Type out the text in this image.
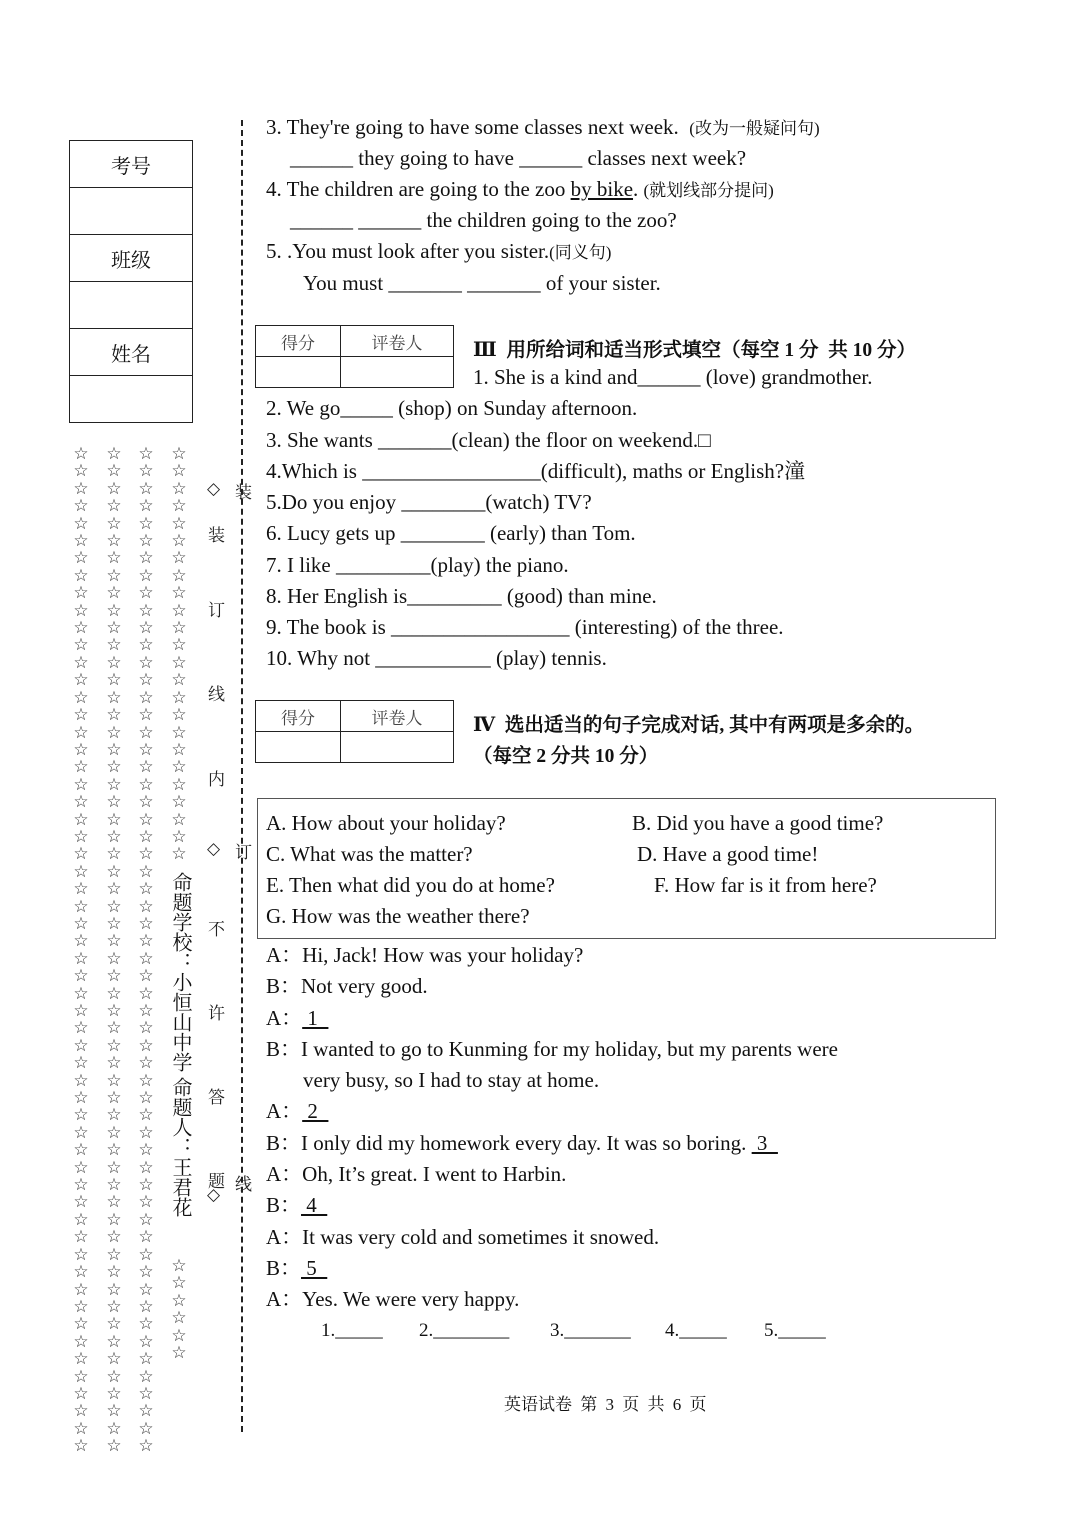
考号

班级

姓名

☆☆☆☆☆☆☆☆☆☆☆☆☆☆☆☆☆☆☆☆☆☆☆☆☆☆☆☆☆☆☆☆☆☆☆☆☆☆☆☆☆☆☆☆☆☆☆☆☆☆☆☆☆☆☆☆☆☆
☆☆☆☆☆☆☆☆☆☆☆☆☆☆☆☆☆☆☆☆☆☆☆☆☆☆☆☆☆☆☆☆☆☆☆☆☆☆☆☆☆☆☆☆☆☆☆☆☆☆☆☆☆☆☆☆☆☆
☆☆☆☆☆☆☆☆☆☆☆☆☆☆☆☆☆☆☆☆☆☆☆☆☆☆☆☆☆☆☆☆☆☆☆☆☆☆☆☆☆☆☆☆☆☆☆☆☆☆☆☆☆☆☆☆☆☆
☆☆☆☆☆☆☆☆☆☆☆☆☆☆☆☆☆☆☆☆☆☆☆☆
☆☆☆☆☆☆
命题学校：小恒山中学 命题人：王君花
◇
装
订
线
内
◇
不
许
答
题
◇
装
订
线
3. They're going to have some classes next week. (改为一般疑问句)
______ they going to have ______ classes next week?
4. The children are going to the zoo by bike. (就划线部分提问)
______ ______ the children going to the zoo?
5. .You must look after you sister.(同义句)
You must _______ _______ of your sister.
得分	评卷人
		Ⅲ  用所给词和适当形式填空（每空 1 分  共 10 分）
1. She is a kind and______ (love) grandmother.
2. We go_____ (shop) on Sunday afternoon.
3. She wants _______(clean) the floor on weekend.□
4.Which is _________________(difficult), maths or English?潼
5.Do you enjoy ________(watch) TV?
6. Lucy gets up ________ (early) than Tom.
7. I like _________(play) the piano.
8. Her English is_________ (good) than mine.
9. The book is _________________ (interesting) of the three.
10. Why not ___________ (play) tennis.
得分	评卷人
		Ⅳ  选出适当的句子完成对话, 其中有两项是多余的。
（每空 2 分共 10 分）
A. How about your holiday?	B. Did you have a good time?
C. What was the matter?	D. Have a good time!
E. Then what did you do at home?	F. How far is it from here?
G. How was the weather there?
A：Hi, Jack! How was your holiday?
B：Not very good.
A： 1
B：I wanted to go to Kunming for my holiday, but my parents were
very busy, so I had to stay at home.
A： 2
B：I only did my homework every day. It was so boring.  3
A：Oh, It’s great. I went to Harbin.
B： 4
A：It was very cold and sometimes it snowed.
B： 5
A：Yes. We were very happy.
1._____ 2.________ 3._______ 4._____ 5._____
英语试卷 第 3 页 共 6 页
